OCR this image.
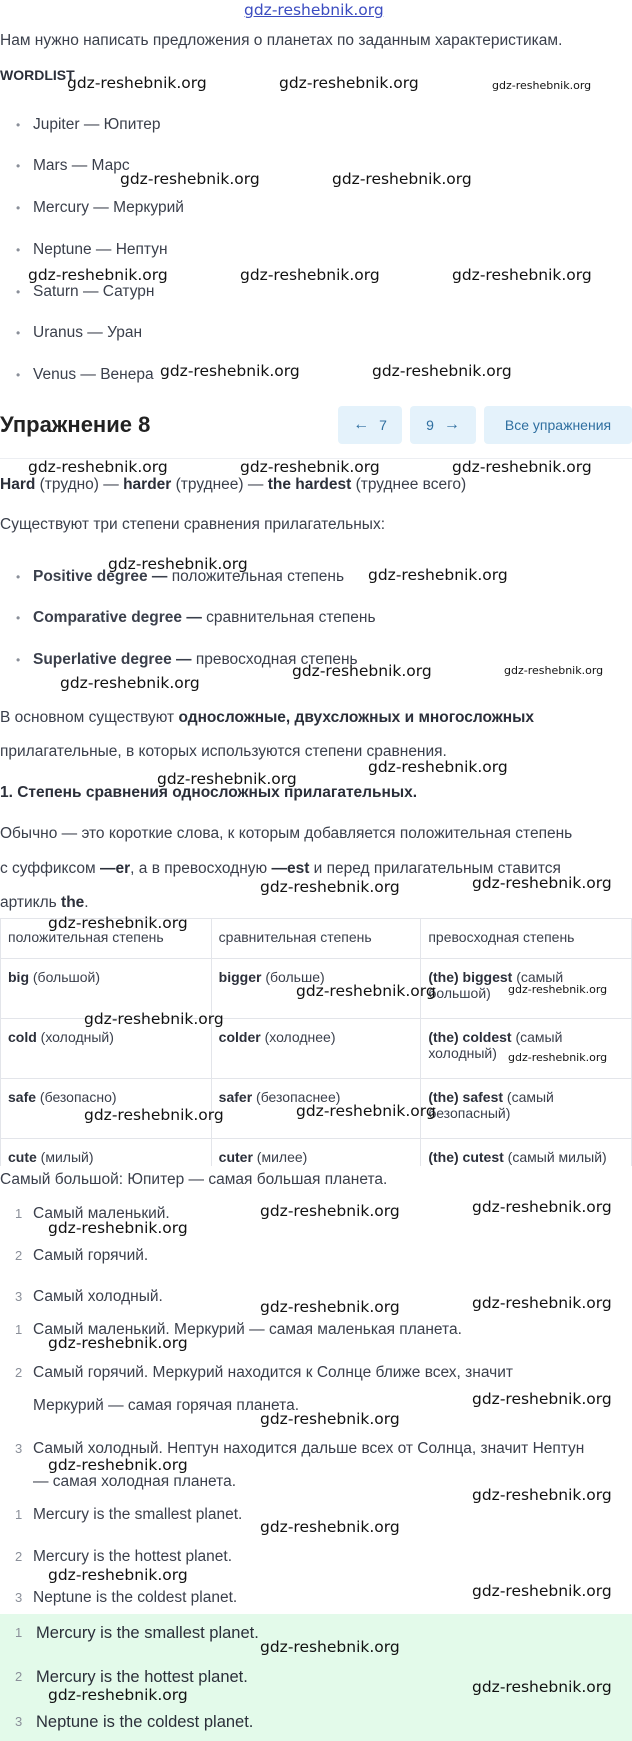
gdz-reshebnik.org
Нам нужно написать предложения о планетах по заданным характеристикам.
WORDLIST
• Jupiter — Юпитер
• Mars — Марс
• Mercury — Меркурий
• Neptune — Нептун
• Saturn — Сатурн
• Uranus — Уран
• Venus — Венера
Упражнение 8	← 7	9 →	Все упражнения
Hard (трудно) — harder (труднее) — the hardest (труднее всего)
Существуют три степени сравнения прилагательных:
• Positive degree — положительная степень
• Comparative degree — сравнительная степень
• Superlative degree — превосходная степень
В основном существуют односложные, двухсложных и многосложных
прилагательные, в которых используются степени сравнения.
1. Степень сравнения односложных прилагательных.
Обычно — это короткие слова, к которым добавляется положительная степень
с суффиксом —er, а в превосходную —est и перед прилагательным ставится
артикль the.
положительная степень	сравнительная степень	превосходная степень
big (большой)	bigger (больше)	(the) biggest (самый большой)
cold (холодный)	colder (холоднее)	(the) coldest (самый холодный)
safe (безопасно)	safer (безопаснее)	(the) safest (самый безопасный)
cute (милый)	cuter (милее)	(the) cutest (самый милый)
Самый большой: Юпитер — самая большая планета.
1 Самый маленький.
2 Самый горячий.
3 Самый холодный.
1 Самый маленький. Меркурий — самая маленькая планета.
2 Самый горячий. Меркурий находится к Солнце ближе всех, значит
Меркурий — самая горячая планета.
3 Самый холодный. Нептун находится дальше всех от Солнца, значит Нептун
— самая холодная планета.
1 Mercury is the smallest planet.
2 Mercury is the hottest planet.
3 Neptune is the coldest planet.
1 Mercury is the smallest planet.
2 Mercury is the hottest planet.
3 Neptune is the coldest planet.
gdz-reshebnik.org	gdz-reshebnik.org	gdz-reshebnik.org
gdz-reshebnik.org	gdz-reshebnik.org
gdz-reshebnik.org	gdz-reshebnik.org	gdz-reshebnik.org
gdz-reshebnik.org	gdz-reshebnik.org
gdz-reshebnik.org	gdz-reshebnik.org	gdz-reshebnik.org
gdz-reshebnik.org
gdz-reshebnik.org
gdz-reshebnik.org	gdz-reshebnik.org
gdz-reshebnik.org
gdz-reshebnik.org
gdz-reshebnik.org
gdz-reshebnik.org	gdz-reshebnik.org
gdz-reshebnik.org
gdz-reshebnik.org	gdz-reshebnik.org
gdz-reshebnik.org
gdz-reshebnik.org
gdz-reshebnik.org	gdz-reshebnik.org
gdz-reshebnik.org
gdz-reshebnik.org
gdz-reshebnik.org
gdz-reshebnik.org	gdz-reshebnik.org
gdz-reshebnik.org
gdz-reshebnik.org
gdz-reshebnik.org
gdz-reshebnik.org
gdz-reshebnik.org
gdz-reshebnik.org
gdz-reshebnik.org
gdz-reshebnik.org
gdz-reshebnik.org
gdz-reshebnik.org
gdz-reshebnik.org
